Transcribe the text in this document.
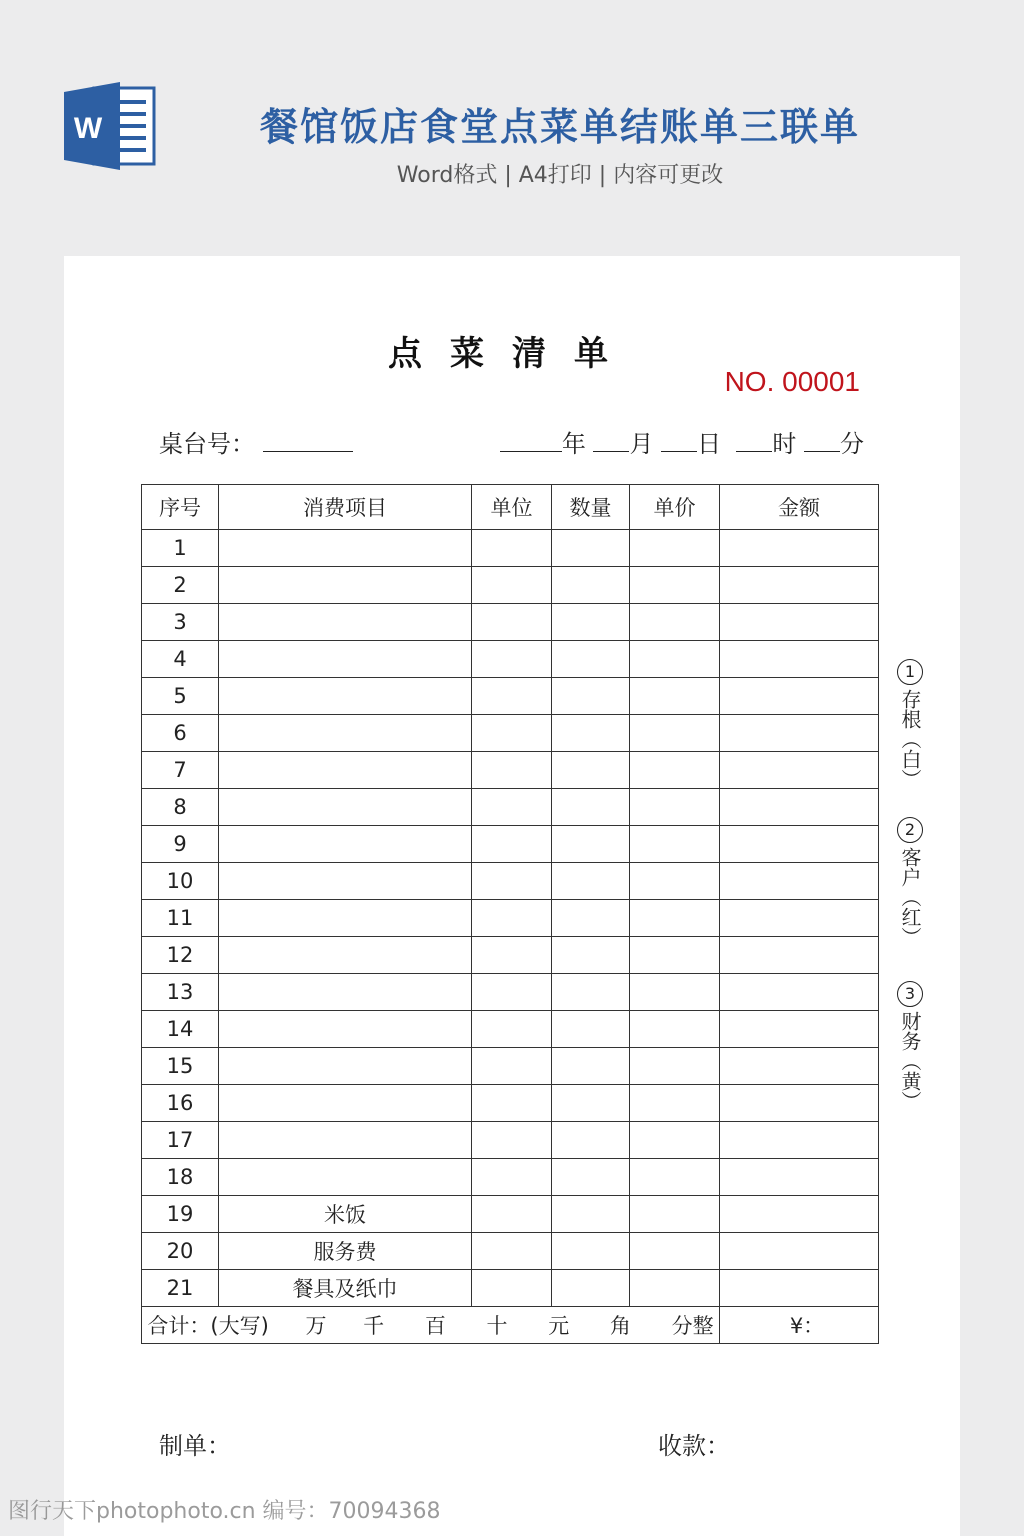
W	餐馆饭店食堂点菜单结账单三联单
Word格式 | A4打印 | 内容可更改
点菜清单
NO. 00001
桌台号：	年 月 日 时 分
序号	消费项目	单位	数量	单价	金额
1					
2					
3					
4					
5					
6					
7					
8					
9					
10					
11					
12					
13					
14					
15					
16					
17					
18					
19	米饭				
20	服务费				
21	餐具及纸巾				
合计：(大写) 万 千 百 十 元 角 分整					¥：
1
存根（白）
2
客户（红）
3
财务（黄）
制单：	收款：
图行天下photophoto.cn 编号：70094368
